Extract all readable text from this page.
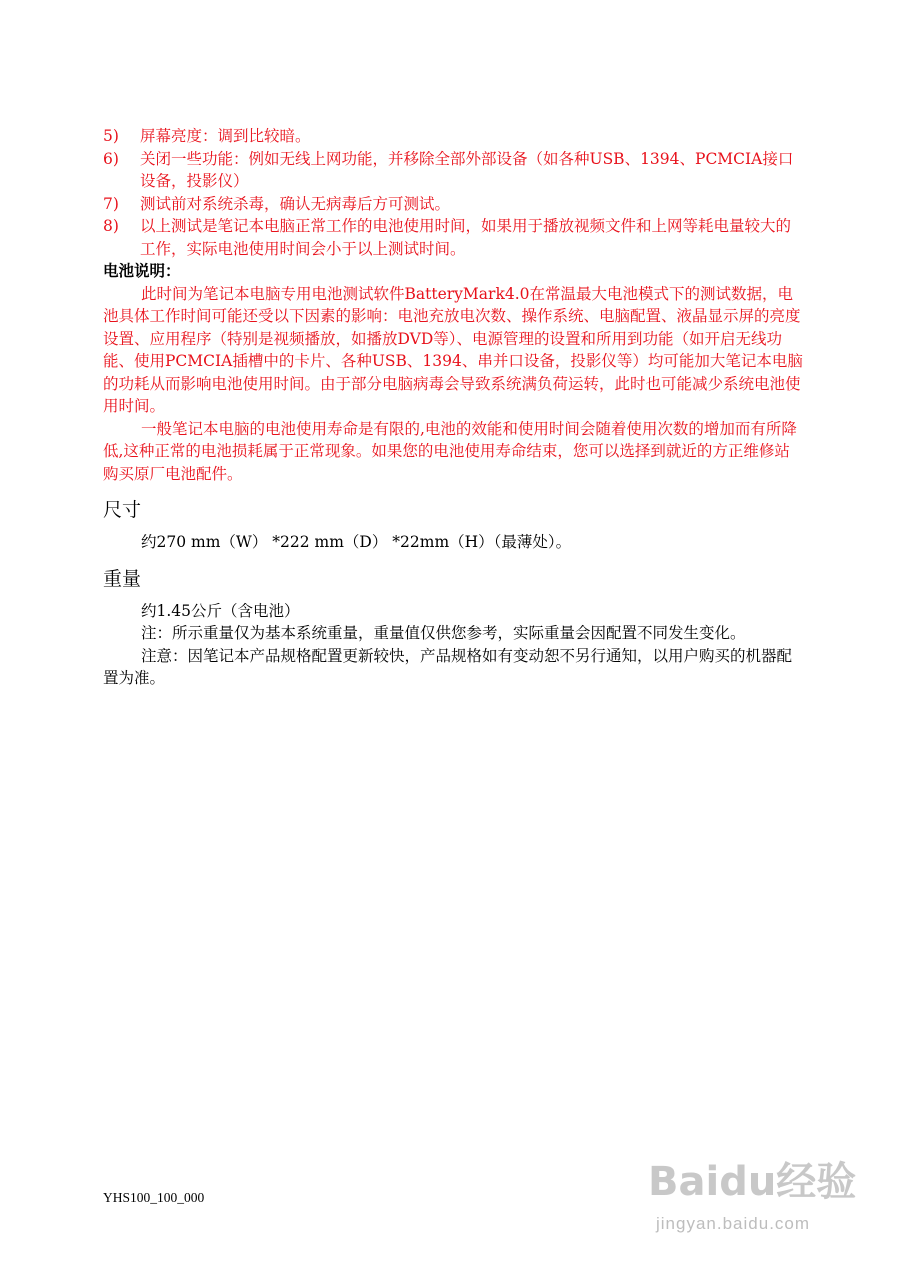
5)	屏幕亮度：调到比较暗。
6)	关闭一些功能：例如无线上网功能，并移除全部外部设备（如各种USB、1394、PCMCIA接口设备，投影仪）
7)	测试前对系统杀毒，确认无病毒后方可测试。
8)	以上测试是笔记本电脑正常工作的电池使用时间，如果用于播放视频文件和上网等耗电量较大的工作，实际电池使用时间会小于以上测试时间。

电池说明：

此时间为笔记本电脑专用电池测试软件BatteryMark4.0在常温最大电池模式下的测试数据，电池具体工作时间可能还受以下因素的影响：电池充放电次数、操作系统、电脑配置、液晶显示屏的亮度设置、应用程序（特别是视频播放，如播放DVD等）、电源管理的设置和所用到功能（如开启无线功能、使用PCMCIA插槽中的卡片、各种USB、1394、串并口设备，投影仪等）均可能加大笔记本电脑的功耗从而影响电池使用时间。由于部分电脑病毒会导致系统满负荷运转，此时也可能减少系统电池使用时间。

一般笔记本电脑的电池使用寿命是有限的,电池的效能和使用时间会随着使用次数的增加而有所降低,这种正常的电池损耗属于正常现象。如果您的电池使用寿命结束，您可以选择到就近的方正维修站购买原厂电池配件。

尺寸

约270 mm（W） *222 mm（D） *22mm（H）（最薄处）。

重量

约1.45公斤（含电池）

注：所示重量仅为基本系统重量，重量值仅供您参考，实际重量会因配置不同发生变化。

注意：因笔记本产品规格配置更新较快，产品规格如有变动恕不另行通知，以用户购买的机器配置为准。

YHS100_100_000	Baidu经验
jingyan.baidu.com
